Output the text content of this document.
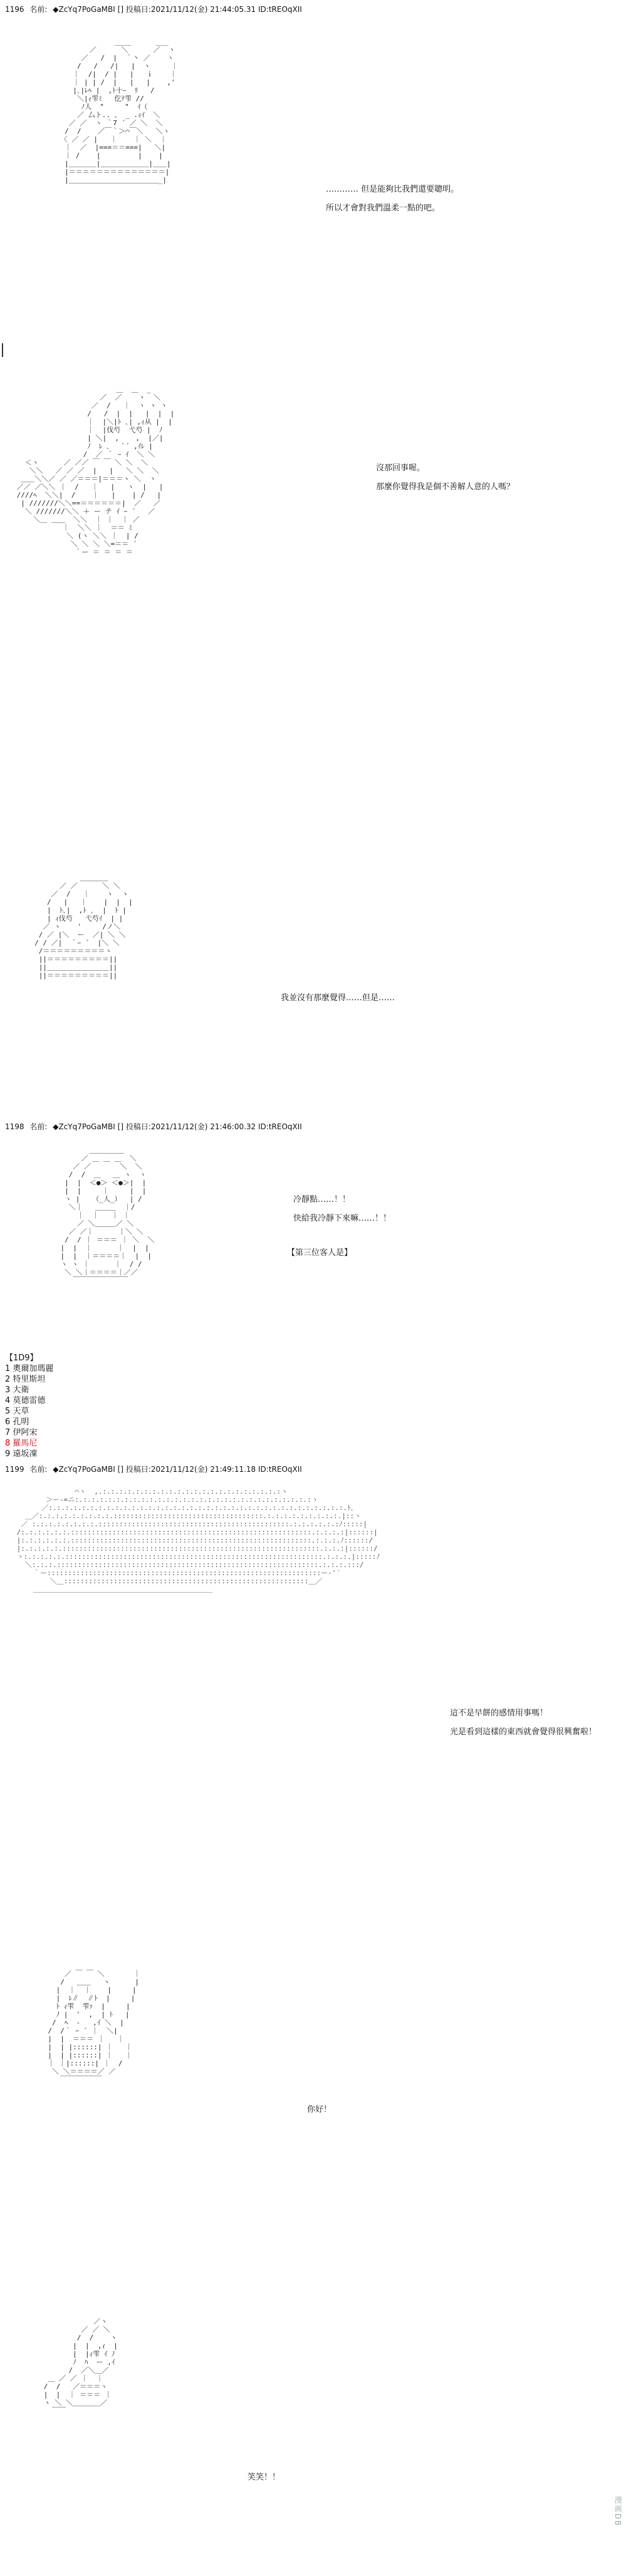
1196 名前: ◆ZcYq7PoGaMBI [] 投稿日:2021/11/12(金) 21:44:05.31 ID:tREOqXII
____      ___
／      ＼      ／  ヽ
／   /  |  ｀丶 ／    ヽ
/   /   /|   |  ヽ     ｜
｜  /|  / |   |   ｉ    ｜
｜ | | /  |   |   |    ,'
|､|ﾚﾍ |  ,ﾄ十ｰ  ﾘ   /
＼|ｨ雫ﾐ   仡ﾃ雫 //
ﾉ人  "     "  ｲ（
／ 厶ト.. 、 _ .ｨｲ  ＼
／ ／  ヽ ｀7 ´ ／ ＼  ＼
/  /    ／￣｀＞⌒￣＼   ＼ヽ
〈 ／ ／ |   ｜    ｜ ＼  ｜
｜  ／  |===＝＝===|   ＼|
｜ /    |         |    |
|＿＿＿＿|＿＿＿＿＿＿＿|＿＿|
|＝＝＝＝＝＝＝＝＝＝＝＝＝＝|
|＿＿＿＿＿＿＿＿＿＿＿＿＿_|
………… 但是能夠比我們還要聰明。
所以才會對我們溫柔一點的吧。
＿  ＿  _
／  ／    ヽ  ＼
／  /   ｜  ヽ ヽ ヽ
/   /  |  |   |  |  |
｜  |＼|ﾄ ､| ,ｨ从 |  |
｜  |伐芍  弋芍 |  ﾉ
| ＼|  ,    ,  |／|
ﾉ  ﾚ ､ 　`´ ,ｲﾚ |
/  ／ ｀ ｰ ｲ  ＼ ＼
＜ヽ      ／ ／／ ￣ ￣ ＼ ＼  ＼
＼＼   ／ ／ ／  |   |   ＼ ＼  ＼
＿＿＼＼／ ／ ／＝＝＝|＝＝＝ヽ ＼  ヽ
／／ ／＼＼ ｜  /   ｜   |   ヽ  |   |
////ﾍ  ＼＼|  /    ｜   |    | /   |
| ///////＼＼==＝＝＝＝＝＝|  ／   ／
＼ ///////＼＼ ＋ ー テ ｲ ｰ ´   ／
＼＿ ＿＿  ＼＼  ｜ ｜  ｜ ／
｜  ＼＼ ｜  ＝＝ ﾐ
＼ (ヽ ＼＼ ｜  | /
＼ ＼ ＼ ＼=＝＝ ´
｀ー ＝ ＝ ＝ ＝
沒那回事喔。
那麼你覺得我是個不善解人意的人嗎？
＿＿＿＿
／ ／      ＼ ＼
／  /   ｜    ヽ  ヽ
/   |   ｜    |  |  |
|  ﾄ､|  ,ﾄ ､  |  ﾄ |
| ｨ伐芍   弋芍ｲ  | |
／ ヽ    '     /ノ＼
/ ／ |＼  ー  ／| ＼ ＼
/ / ／|  ｀ｰ ´  |＼ ＼
/＝＝＝＝＝＝＝＝＝ヽ
||＝＝＝＝＝＝＝＝＝||
||＿＿＿＿＿＿＿＿＿||
||＝＝＝＝＝＝＝＝＝||
我並沒有那麼覺得……但是……
1198 名前: ◆ZcYq7PoGaMBI [] 投稿日:2021/11/12(金) 21:46:00.32 ID:tREOqXII
＿＿＿＿＿
／ ＿ ＿ ＿  ＼
／ ／       ＼  ＼
/  /  ＿   ＿ ヽ  ヽ
|  |  ＜●＞ ＜●＞|  |
|  |     ｜     |  |
ヽ |   （_人_）  | /
＼｜   ＿＿＿  ｜/
｜  ｜   ｜ ｜
／ ＼＿＿＿／ ＼
／ ／｜      ｜＼ ＼
/  / ｜ ＝＝＝ ｜ ＼  ＼
|  |  ｜      ｜  |  |
|  |  ｜＝＝＝＝｜  |  |
ヽ ヽ ｜      ｜  / /
＼ ＼｜＝＝＝＝｜／／
￣￣￣￣￣￣￣￣
冷靜點……！！
快給我冷靜下來嘛……！！
【第三位客人是】
【1D9】
1 奧爾加瑪麗
2 特里斯坦
3 大衛
4 莫德雷德
5 天草
6 孔明
7 伊阿宋
8 羅馬尼
9 遠坂凜
1199 名前: ◆ZcYq7PoGaMBI [] 投稿日:2021/11/12(金) 21:49:11.18 ID:tREOqXII
⌒ヽ  ,.:.:.:.:.:.:.:.:.:.:.:.:.:.:.:.:.:.:.:.:.:.:ヽ
＞ー‐=ニ:.:.:.:.:.:.:.:.:.:.:.:.:.:.:.:.:.:.:.:.:.:.:.:.:.:.:.:.:ヽ
／:.:.:.:.:.:.:.:.:.:.:.:.:.:.:.:.:.:.:.:.:.:.:.:.:.:.:.:.:.:.:.:.:.:.:.:.ﾄ､
＿／:.:.:.:.:.:.:.:.:.::::::::::::::::::::::::::::::::::::.:.:.:.:.:.:.:.:.:.|::ヽ
／ :.:.:.:.:.:.:.:.::::::::::::::::::::::::::::::::::::::::::::::.:.:.:.:.:.:ﾉ:::::|
/:.:.:.:.:.:.::::::::::::::::::::::::::::::::::::::::::::::::::::::::::.:.:.:.:|::::::|
|:.:.:.:.:.:.::::::::::::::::::::::::::::::::::::::::::::::::::::::::::.:.:.:.ﾉ::::::/
|:.:.:.:.:.::::::::::::::::::::::::::::::::::::::::::::::::::::::::::::::.:.:.:|::::::/
ヽ:.:.:.:.:.::::::::::::::::::::::::::::::::::::::::::::::::::::::::::::::.:.:.:.|:::::ﾉ
＼:.:.:.:::::::::::::::::::::::::::::::::::::::::::::::::::::::::::::::.:.:.:.:::/
｀ー::::::::::::::::::::::::::::::::::::::::::::::::::::::::::::::::::ー‐'´
＼＿:::::::::::::::::::::::::::::::::::::::::::::::::::::::::::＿／
＿＿＿＿＿＿＿＿＿＿＿＿＿＿＿＿＿＿＿＿＿＿＿＿＿＿
這不是早餅的感情用事嗎！
光是看到這樣的東西就會覺得很興奮啦！
／ ￣ ￣ ＼       ｜
/   ＿＿   ヽ      |
|  ｜  ｜    |     |
|  ﾚ∥  ∥ﾄ  |     |
ﾄ ｨ雫  雫ｧ  |     |
ﾉ |  '  ,  | ﾄ   |
/  ﾍ  ‐   ,ｲ ＼  |
/  /｀ ｰ ´ ｜  ＼|
|  |  ＝＝＝ ｜   ｜
|  | |::::::| ｜   ｜
|  | |::::::| ｜   ｜
｜ ｜|::::::| ｜  /
＼ ＼＝＝＝＝／ ／
￣￣￣￣￣￣
你好！
／ヽ
／ ／ ＼
/  /    ヽ
|  |  ,ｨ  |
|  |ｨ雫 ｲ ﾉ
ﾉ  ﾊ  ー ,ｲ
/  ／＼＿／
＿ ／ ／ ｜  ｜
/  /   ／＝＝＝ヽ
|  |  ｜ ＝＝＝ ｜
ヽ ＼ ＼＿＿＿＿／
￣￣
笑笑！！
漫画DB
